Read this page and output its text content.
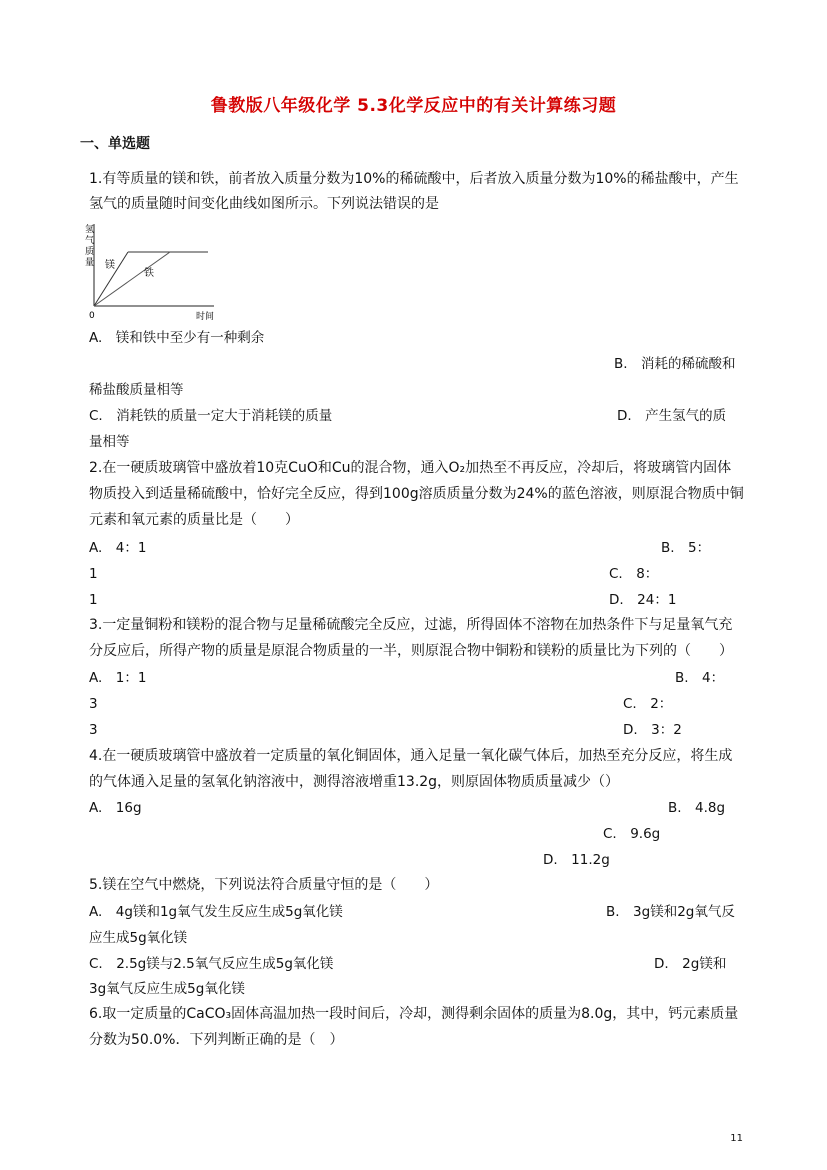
鲁教版八年级化学 5.3化学反应中的有关计算练习题
一、单选题
1.有等质量的镁和铁，前者放入质量分数为10%的稀硫酸中，后者放入质量分数为10%的稀盐酸中，产生
氢气的质量随时间变化曲线如图所示。下列说法错误的是
氢
气
质
量 镁
铁
0	时间
A.　镁和铁中至少有一种剩余
B.　消耗的稀硫酸和
稀盐酸质量相等
C.　消耗铁的质量一定大于消耗镁的质量	D.　产生氢气的质
量相等
2.在一硬质玻璃管中盛放着10克CuO和Cu的混合物，通入O₂加热至不再反应，冷却后，将玻璃管内固体
物质投入到适量稀硫酸中，恰好完全反应，得到100g溶质质量分数为24%的蓝色溶液，则原混合物质中铜
元素和氧元素的质量比是（　　）
A.　4：1	B.　5：
1	C.　8：
1	D.　24：1
3.一定量铜粉和镁粉的混合物与足量稀硫酸完全反应，过滤，所得固体不溶物在加热条件下与足量氧气充
分反应后，所得产物的质量是原混合物质量的一半，则原混合物中铜粉和镁粉的质量比为下列的（　　）
A.　1：1	B.　4：
3	C.　2：
3	D.　3：2
4.在一硬质玻璃管中盛放着一定质量的氧化铜固体，通入足量一氧化碳气体后，加热至充分反应，将生成
的气体通入足量的氢氧化钠溶液中，测得溶液增重13.2g，则原固体物质质量减少（）
A.　16g	B.　4.8g
C.　9.6g
D.　11.2g
5.镁在空气中燃烧，下列说法符合质量守恒的是（　　）
A.　4g镁和1g氧气发生反应生成5g氧化镁	B.　3g镁和2g氧气反
应生成5g氧化镁
C.　2.5g镁与2.5氧气反应生成5g氧化镁	D.　2g镁和
3g氧气反应生成5g氧化镁
6.取一定质量的CaCO₃固体高温加热一段时间后，冷却，测得剩余固体的质量为8.0g，其中，钙元素质量
分数为50.0%．下列判断正确的是（　）
11
